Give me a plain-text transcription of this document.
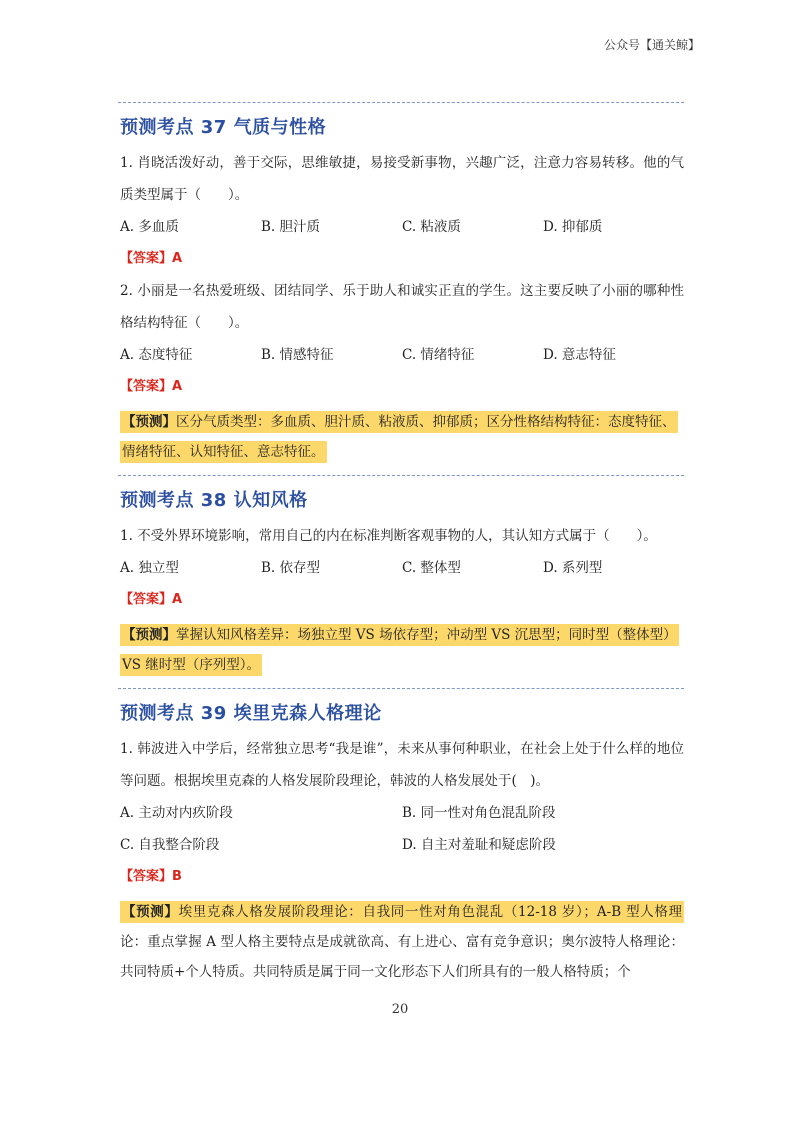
公众号【通关鲸】
预测考点 37 气质与性格
1. 肖晓活泼好动，善于交际，思维敏捷，易接受新事物，兴趣广泛，注意力容易转移。他的气质类型属于（　　）。
A. 多血质	B. 胆汁质	C. 粘液质	D. 抑郁质
【答案】A
2. 小丽是一名热爱班级、团结同学、乐于助人和诚实正直的学生。这主要反映了小丽的哪种性格结构特征（　　）。
A. 态度特征	B. 情感特征	C. 情绪特征	D. 意志特征
【答案】A
【预测】区分气质类型：多血质、胆汁质、粘液质、抑郁质；区分性格结构特征：态度特征、情绪特征、认知特征、意志特征。
预测考点 38 认知风格
1. 不受外界环境影响，常用自己的内在标准判断客观事物的人，其认知方式属于（　　）。
A. 独立型	B. 依存型	C. 整体型	D. 系列型
【答案】A
【预测】掌握认知风格差异：场独立型 VS 场依存型；冲动型 VS 沉思型；同时型（整体型）VS 继时型（序列型）。
预测考点 39 埃里克森人格理论
1. 韩波进入中学后，经常独立思考“我是谁”，未来从事何种职业，在社会上处于什么样的地位等问题。根据埃里克森的人格发展阶段理论，韩波的人格发展处于(　)。
A. 主动对内疚阶段	B. 同一性对角色混乱阶段
C. 自我整合阶段	D. 自主对羞耻和疑虑阶段
【答案】B
【预测】埃里克森人格发展阶段理论：自我同一性对角色混乱（12-18 岁）；A-B 型人格理论：重点掌握 A 型人格主要特点是成就欲高、有上进心、富有竞争意识；奥尔波特人格理论：共同特质+个人特质。共同特质是属于同一文化形态下人们所具有的一般人格特质；个
20
